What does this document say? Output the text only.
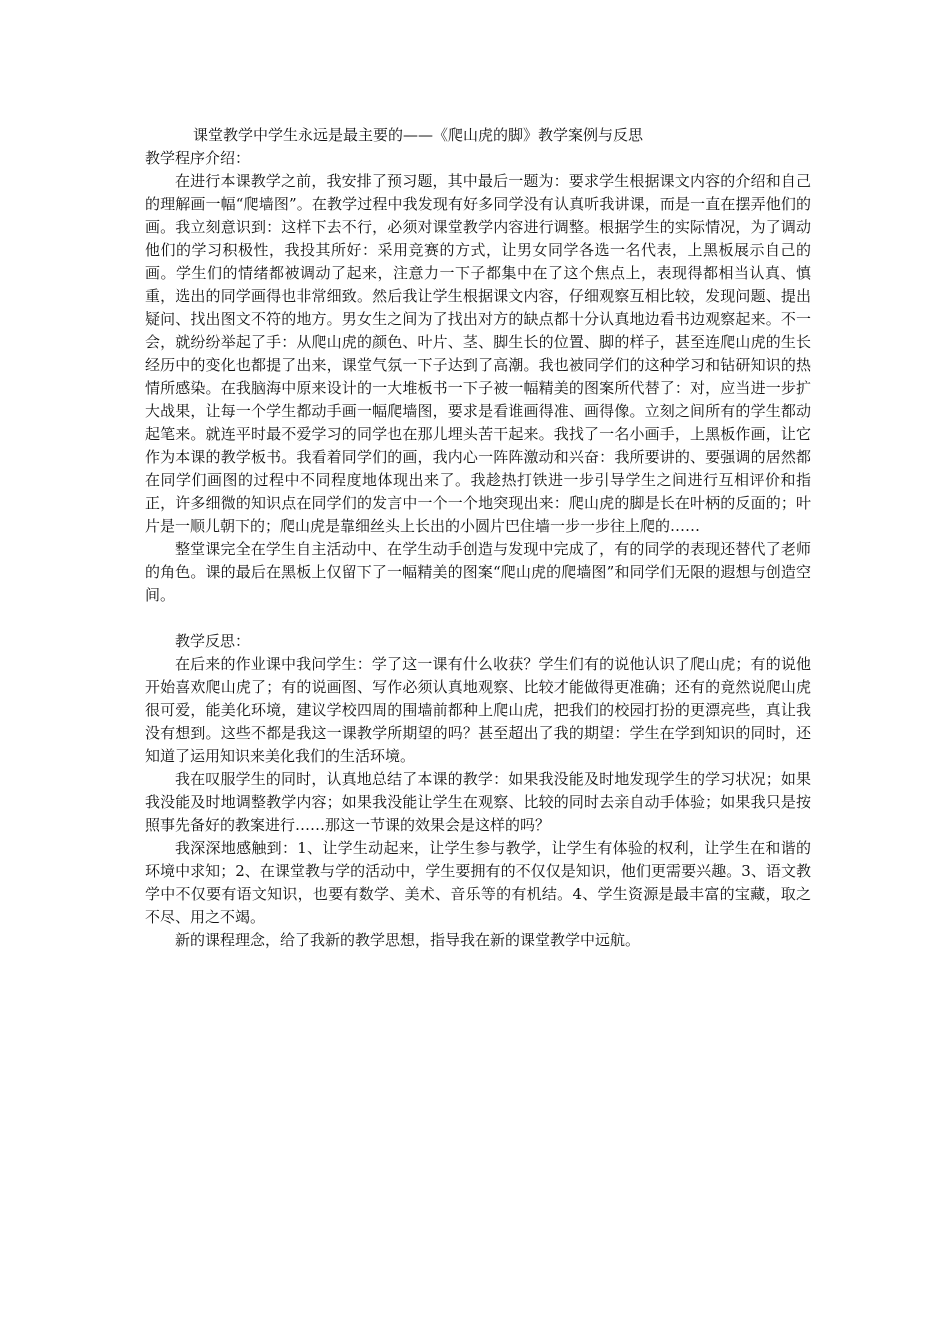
课堂教学中学生永远是最主要的——《爬山虎的脚》教学案例与反思

教学程序介绍：

在进行本课教学之前，我安排了预习题，其中最后一题为：要求学生根据课文内容的介绍和自己的理解画一幅“爬墙图”。在教学过程中我发现有好多同学没有认真听我讲课，而是一直在摆弄他们的画。我立刻意识到：这样下去不行，必须对课堂教学内容进行调整。根据学生的实际情况，为了调动他们的学习积极性，我投其所好：采用竞赛的方式，让男女同学各选一名代表，上黑板展示自己的画。学生们的情绪都被调动了起来，注意力一下子都集中在了这个焦点上，表现得都相当认真、慎重，选出的同学画得也非常细致。然后我让学生根据课文内容，仔细观察互相比较，发现问题、提出疑问、找出图文不符的地方。男女生之间为了找出对方的缺点都十分认真地边看书边观察起来。不一会，就纷纷举起了手：从爬山虎的颜色、叶片、茎、脚生长的位置、脚的样子，甚至连爬山虎的生长经历中的变化也都提了出来，课堂气氛一下子达到了高潮。我也被同学们的这种学习和钻研知识的热情所感染。在我脑海中原来设计的一大堆板书一下子被一幅精美的图案所代替了：对，应当进一步扩大战果，让每一个学生都动手画一幅爬墙图，要求是看谁画得准、画得像。立刻之间所有的学生都动起笔来。就连平时最不爱学习的同学也在那儿埋头苦干起来。我找了一名小画手，上黑板作画，让它作为本课的教学板书。我看着同学们的画，我内心一阵阵激动和兴奋：我所要讲的、要强调的居然都在同学们画图的过程中不同程度地体现出来了。我趁热打铁进一步引导学生之间进行互相评价和指正，许多细微的知识点在同学们的发言中一个一个地突现出来：爬山虎的脚是长在叶柄的反面的；叶片是一顺儿朝下的；爬山虎是靠细丝头上长出的小圆片巴住墙一步一步往上爬的……

整堂课完全在学生自主活动中、在学生动手创造与发现中完成了，有的同学的表现还替代了老师的角色。课的最后在黑板上仅留下了一幅精美的图案“爬山虎的爬墙图”和同学们无限的遐想与创造空间。

教学反思：

在后来的作业课中我问学生：学了这一课有什么收获？学生们有的说他认识了爬山虎；有的说他开始喜欢爬山虎了；有的说画图、写作必须认真地观察、比较才能做得更准确；还有的竟然说爬山虎很可爱，能美化环境，建议学校四周的围墙前都种上爬山虎，把我们的校园打扮的更漂亮些，真让我没有想到。这些不都是我这一课教学所期望的吗？甚至超出了我的期望：学生在学到知识的同时，还知道了运用知识来美化我们的生活环境。

我在叹服学生的同时，认真地总结了本课的教学：如果我没能及时地发现学生的学习状况；如果我没能及时地调整教学内容；如果我没能让学生在观察、比较的同时去亲自动手体验；如果我只是按照事先备好的教案进行……那这一节课的效果会是这样的吗？

我深深地感触到：1、让学生动起来，让学生参与教学，让学生有体验的权利，让学生在和谐的环境中求知；2、在课堂教与学的活动中，学生要拥有的不仅仅是知识，他们更需要兴趣。3、语文教学中不仅要有语文知识，也要有数学、美术、音乐等的有机结。4、学生资源是最丰富的宝藏，取之不尽、用之不竭。

新的课程理念，给了我新的教学思想，指导我在新的课堂教学中远航。
